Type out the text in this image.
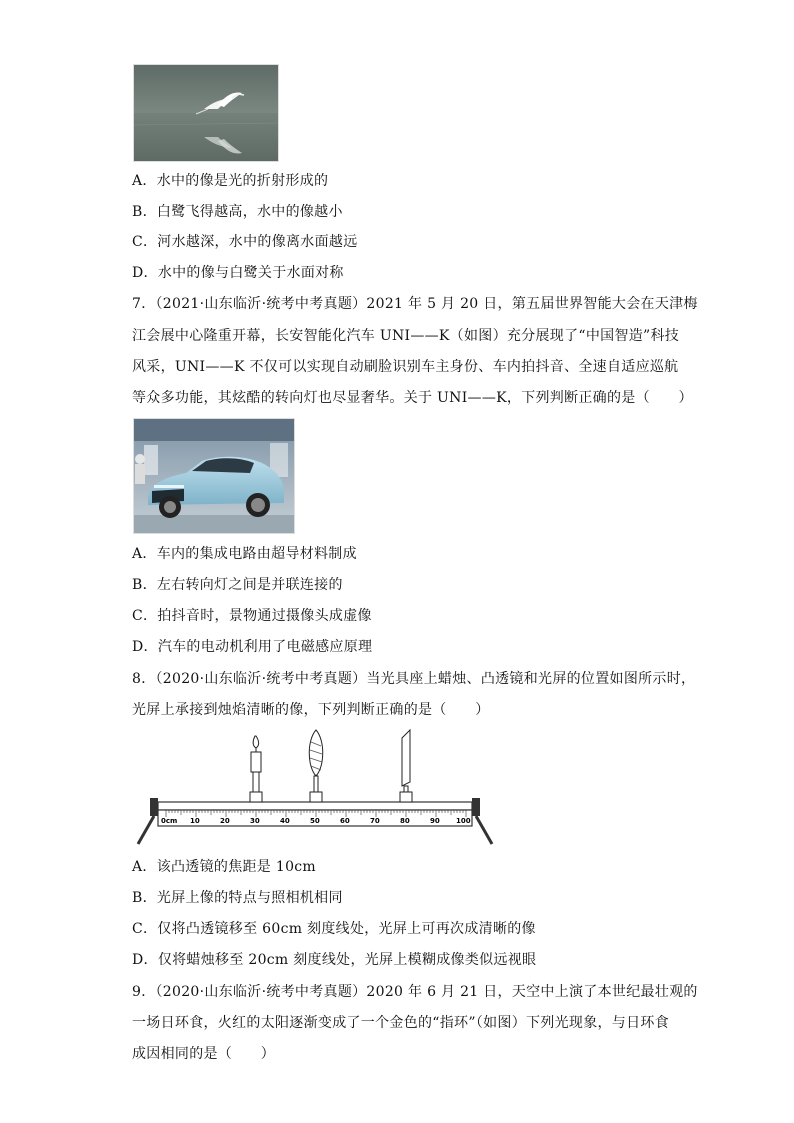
A．水中的像是光的折射形成的
B．白鹭飞得越高，水中的像越小
C．河水越深，水中的像离水面越远
D．水中的像与白鹭关于水面对称
7．（2021·山东临沂·统考中考真题）2021 年 5 月 20 日，第五届世界智能大会在天津梅
江会展中心隆重开幕，长安智能化汽车 UNI——K（如图）充分展现了“中国智造”科技
风采，UNI——K 不仅可以实现自动刷脸识别车主身份、车内拍抖音、全速自适应巡航
等众多功能，其炫酷的转向灯也尽显奢华。关于 UNI——K，下列判断正确的是（　　）
A．车内的集成电路由超导材料制成
B．左右转向灯之间是并联连接的
C．拍抖音时，景物通过摄像头成虚像
D．汽车的电动机利用了电磁感应原理
8．（2020·山东临沂·统考中考真题）当光具座上蜡烛、凸透镜和光屏的位置如图所示时，
光屏上承接到烛焰清晰的像，下列判断正确的是（　　）
0cm 10	20	30	40	50	60	70	80	90 100
A．该凸透镜的焦距是 10cm
B．光屏上像的特点与照相机相同
C．仅将凸透镜移至 60cm 刻度线处，光屏上可再次成清晰的像
D．仅将蜡烛移至 20cm 刻度线处，光屏上模糊成像类似远视眼
9．（2020·山东临沂·统考中考真题）2020 年 6 月 21 日，天空中上演了本世纪最壮观的
一场日环食，火红的太阳逐渐变成了一个金色的“指环”（如图）下列光现象，与日环食
成因相同的是（　　）
